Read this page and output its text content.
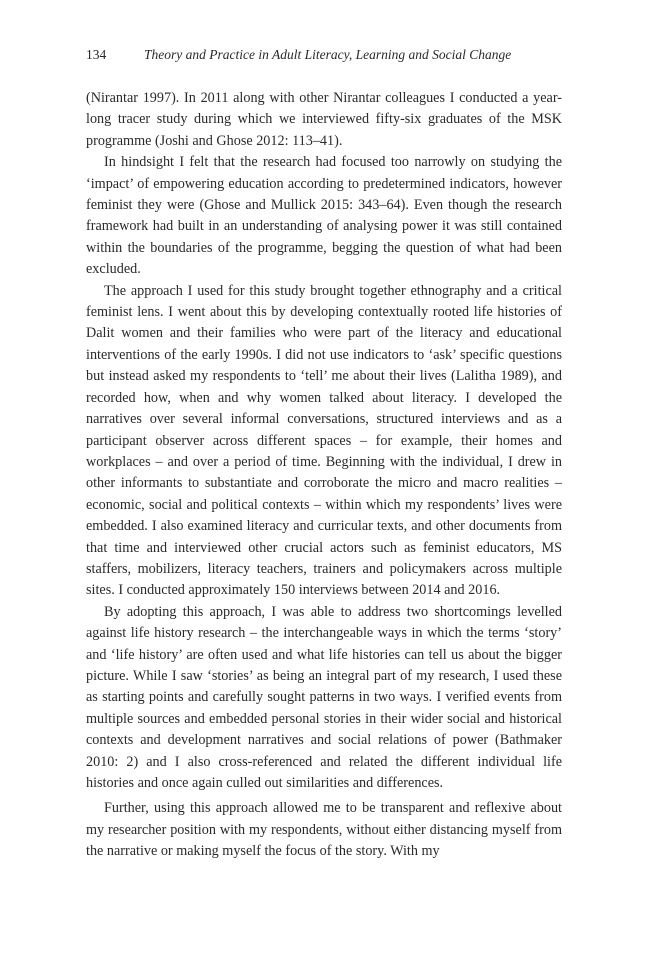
134	Theory and Practice in Adult Literacy, Learning and Social Change

(Nirantar 1997). In 2011 along with other Nirantar colleagues I conducted a year-long tracer study during which we interviewed fifty-six graduates of the MSK programme (Joshi and Ghose 2012: 113–41).

In hindsight I felt that the research had focused too narrowly on studying the ‘impact’ of empowering education according to predetermined indicators, however feminist they were (Ghose and Mullick 2015: 343–64). Even though the research framework had built in an understanding of analysing power it was still contained within the boundaries of the programme, begging the question of what had been excluded.

The approach I used for this study brought together ethnography and a critical feminist lens. I went about this by developing contextually rooted life histories of Dalit women and their families who were part of the literacy and educational interventions of the early 1990s. I did not use indicators to ‘ask’ specific questions but instead asked my respondents to ‘tell’ me about their lives (Lalitha 1989), and recorded how, when and why women talked about literacy. I developed the narratives over several informal conversations, structured interviews and as a participant observer across different spaces – for example, their homes and workplaces – and over a period of time. Beginning with the individual, I drew in other informants to substantiate and corroborate the micro and macro realities – economic, social and political contexts – within which my respondents’ lives were embedded. I also examined literacy and curricular texts, and other documents from that time and interviewed other crucial actors such as feminist educators, MS staffers, mobilizers, literacy teachers, trainers and policymakers across multiple sites. I conducted approximately 150 interviews between 2014 and 2016.

By adopting this approach, I was able to address two shortcomings levelled against life history research – the interchangeable ways in which the terms ‘story’ and ‘life history’ are often used and what life histories can tell us about the bigger picture. While I saw ‘stories’ as being an integral part of my research, I used these as starting points and carefully sought patterns in two ways. I verified events from multiple sources and embedded personal stories in their wider social and historical contexts and development narratives and social relations of power (Bathmaker 2010: 2) and I also cross-referenced and related the different individual life histories and once again culled out similarities and differences.

Further, using this approach allowed me to be transparent and reflexive about my researcher position with my respondents, without either distancing myself from the narrative or making myself the focus of the story. With my
